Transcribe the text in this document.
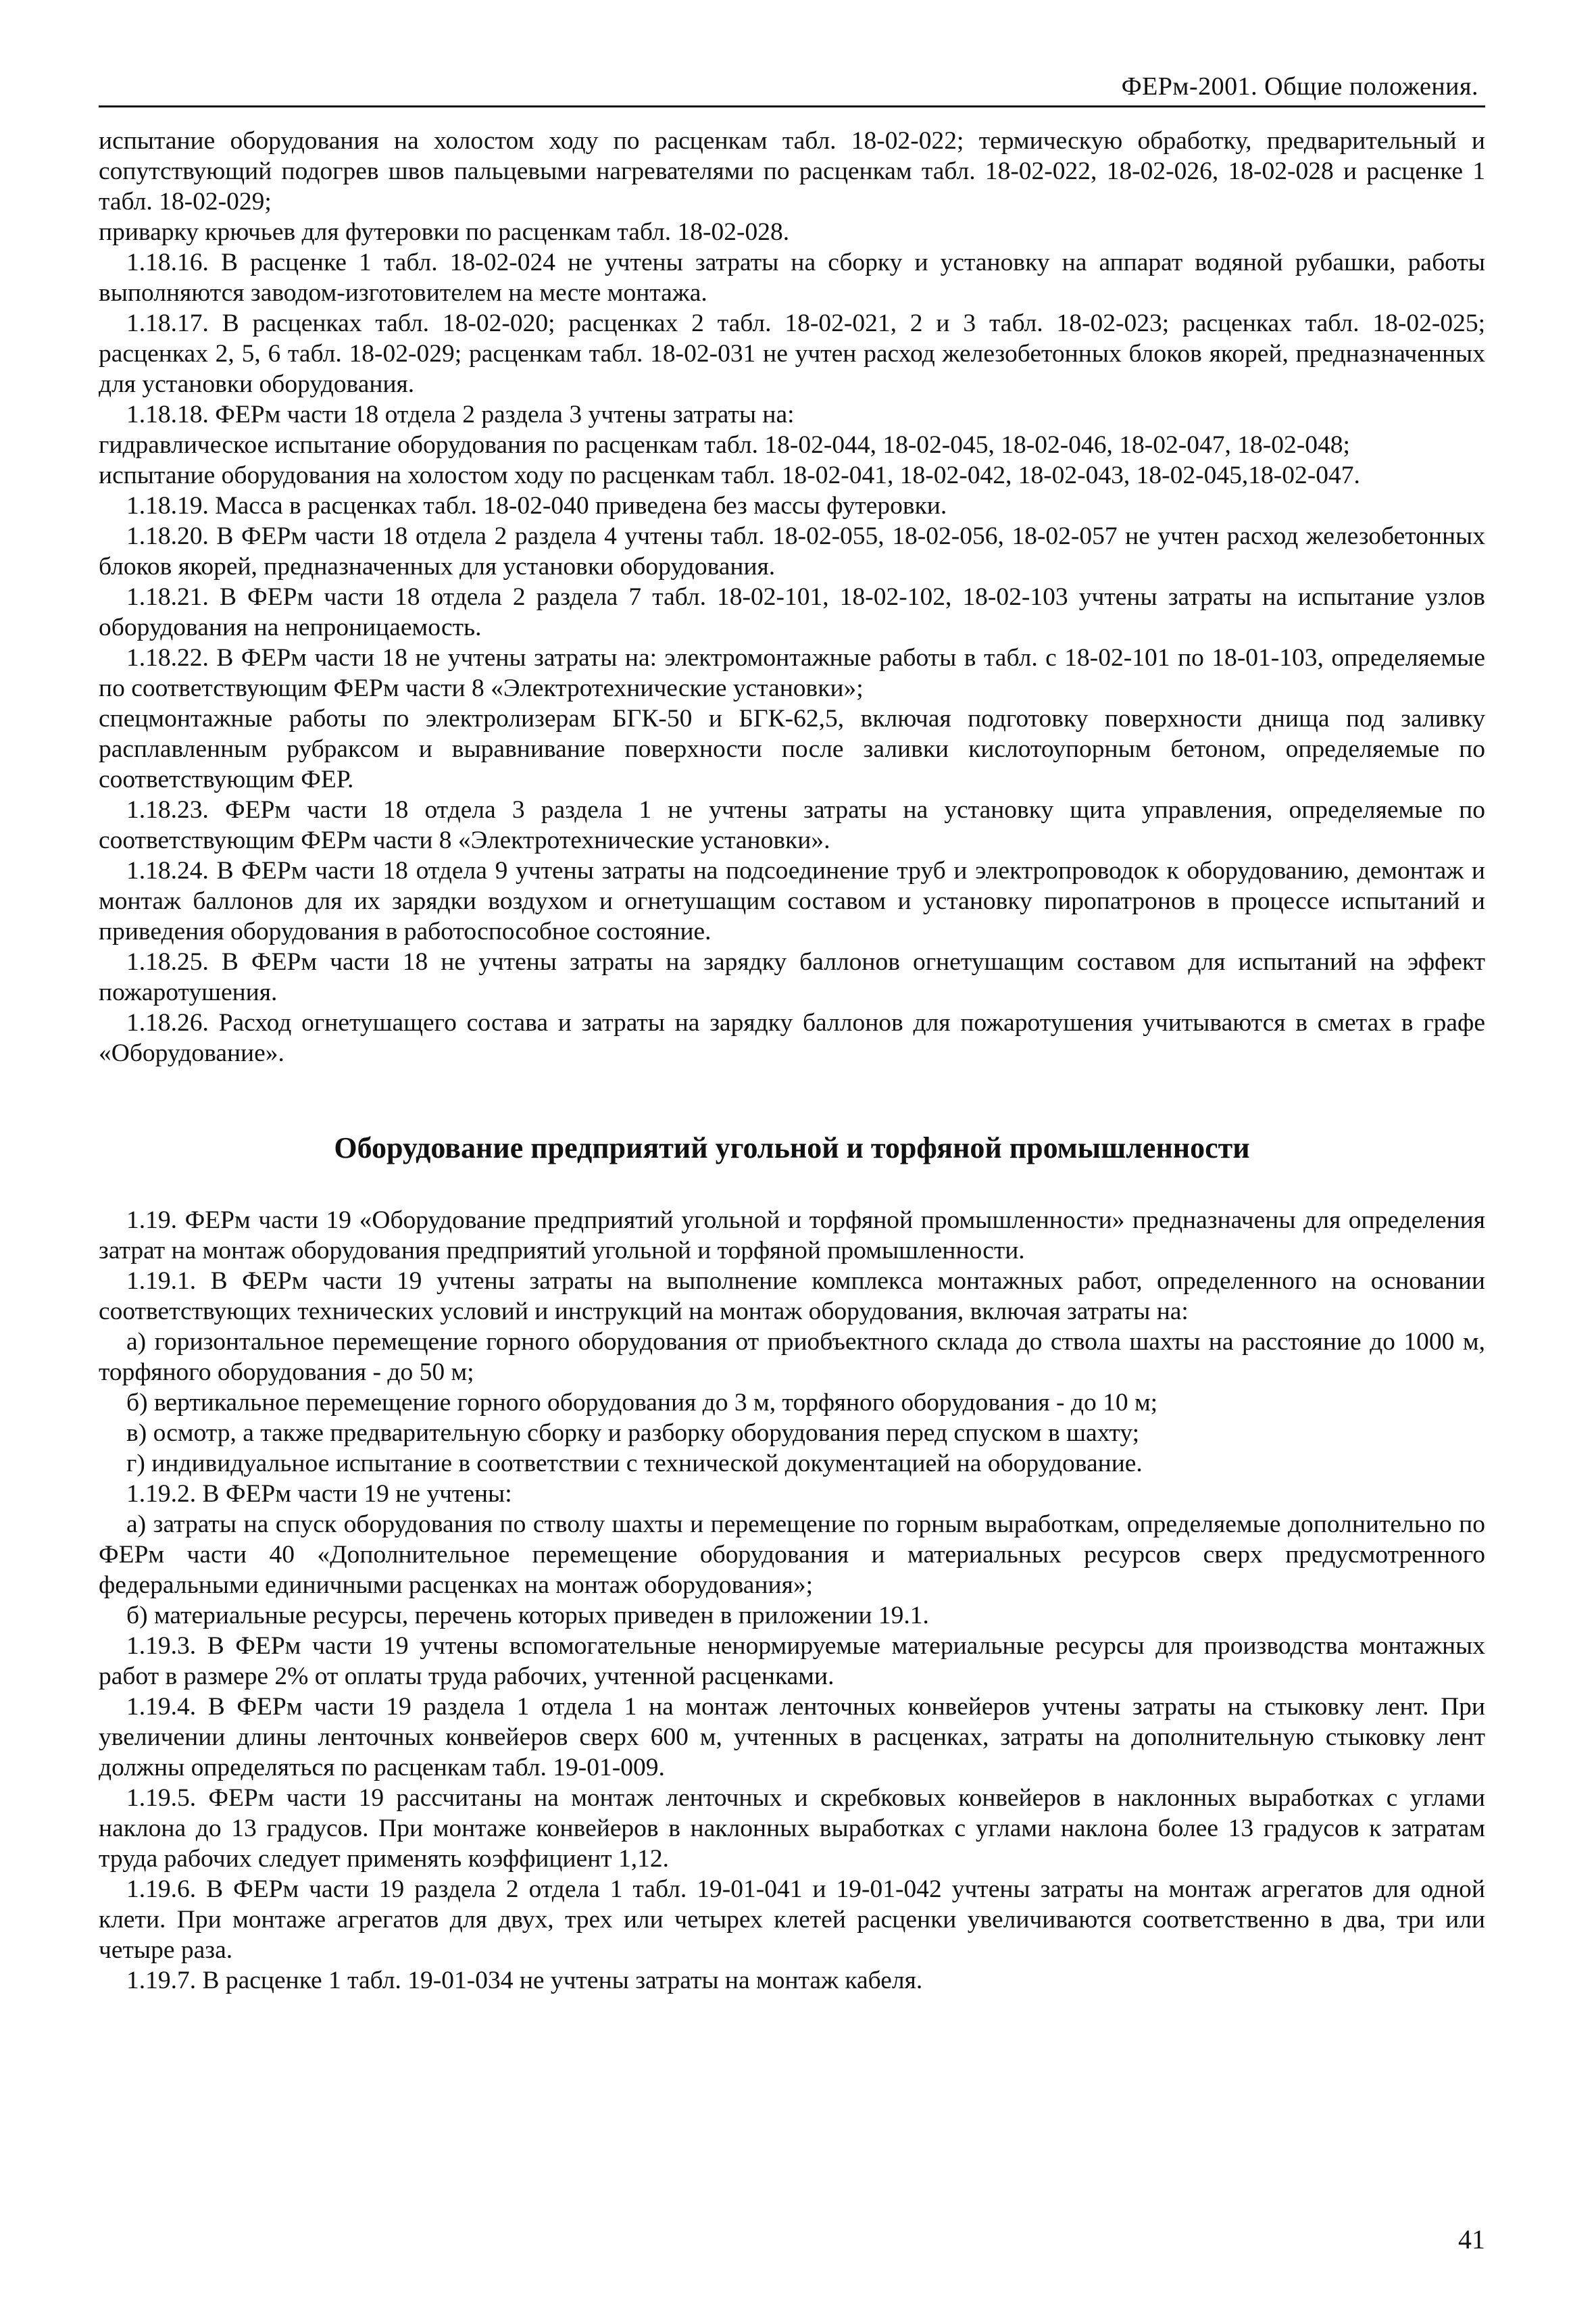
ФЕРм-2001. Общие положения.

испытание оборудования на холостом ходу по расценкам табл. 18-02-022; термическую обработку, предварительный и сопутствующий подогрев швов пальцевыми нагревателями по расценкам табл. 18-02-022, 18-02-026, 18-02-028 и расценке 1 табл. 18-02-029;

приварку крючьев для футеровки по расценкам табл. 18-02-028.

1.18.16. В расценке 1 табл. 18-02-024 не учтены затраты на сборку и установку на аппарат водяной рубашки, работы выполняются заводом-изготовителем на месте монтажа.

1.18.17. В расценках табл. 18-02-020; расценках 2 табл. 18-02-021, 2 и 3 табл. 18-02-023; расценках табл. 18-02-025; расценках 2, 5, 6 табл. 18-02-029; расценкам табл. 18-02-031 не учтен расход железобетонных блоков якорей, предназначенных для установки оборудования.

1.18.18. ФЕРм части 18 отдела 2 раздела 3 учтены затраты на:

гидравлическое испытание оборудования по расценкам табл. 18-02-044, 18-02-045, 18-02-046, 18-02-047, 18-02-048;

испытание оборудования на холостом ходу по расценкам табл. 18-02-041, 18-02-042, 18-02-043, 18-02-045,18-02-047.

1.18.19. Масса в расценках табл. 18-02-040 приведена без массы футеровки.

1.18.20. В ФЕРм части 18 отдела 2 раздела 4 учтены табл. 18-02-055, 18-02-056, 18-02-057 не учтен расход железобетонных блоков якорей, предназначенных для установки оборудования.

1.18.21. В ФЕРм части 18 отдела 2 раздела 7 табл. 18-02-101, 18-02-102, 18-02-103 учтены затраты на испытание узлов оборудования на непроницаемость.

1.18.22. В ФЕРм части 18 не учтены затраты на: электромонтажные работы в табл. с 18-02-101 по 18-01-103, определяемые по соответствующим ФЕРм части 8 «Электротехнические установки»;

спецмонтажные работы по электролизерам БГК-50 и БГК-62,5, включая подготовку поверхности днища под заливку расплавленным рубраксом и выравнивание поверхности после заливки кислотоупорным бетоном, определяемые по соответствующим ФЕР.

1.18.23. ФЕРм части 18 отдела 3 раздела 1 не учтены затраты на установку щита управления, определяемые по соответствующим ФЕРм части 8 «Электротехнические установки».

1.18.24. В ФЕРм части 18 отдела 9 учтены затраты на подсоединение труб и электропроводок к оборудованию, демонтаж и монтаж баллонов для их зарядки воздухом и огнетушащим составом и установку пиропатронов в процессе испытаний и приведения оборудования в работоспособное состояние.

1.18.25. В ФЕРм части 18 не учтены затраты на зарядку баллонов огнетушащим составом для испытаний на эффект пожаротушения.

1.18.26. Расход огнетушащего состава и затраты на зарядку баллонов для пожаротушения учитываются в сметах в графе «Оборудование».

Оборудование предприятий угольной и торфяной промышленности

1.19. ФЕРм части 19 «Оборудование предприятий угольной и торфяной промышленности» предназначены для определения затрат на монтаж оборудования предприятий угольной и торфяной промышленности.

1.19.1. В ФЕРм части 19 учтены затраты на выполнение комплекса монтажных работ, определенного на основании соответствующих технических условий и инструкций на монтаж оборудования, включая затраты на:

а) горизонтальное перемещение горного оборудования от приобъектного склада до ствола шахты на расстояние до 1000 м, торфяного оборудования - до 50 м;

б) вертикальное перемещение горного оборудования до 3 м, торфяного оборудования - до 10 м;

в) осмотр, а также предварительную сборку и разборку оборудования перед спуском в шахту;

г) индивидуальное испытание в соответствии с технической документацией на оборудование.

1.19.2. В ФЕРм части 19 не учтены:

а) затраты на спуск оборудования по стволу шахты и перемещение по горным выработкам, определяемые дополнительно по ФЕРм части 40 «Дополнительное перемещение оборудования и материальных ресурсов сверх предусмотренного федеральными единичными расценках на монтаж оборудования»;

б) материальные ресурсы, перечень которых приведен в приложении 19.1.

1.19.3. В ФЕРм части 19 учтены вспомогательные ненормируемые материальные ресурсы для производства монтажных работ в размере 2% от оплаты труда рабочих, учтенной расценками.

1.19.4. В ФЕРм части 19 раздела 1 отдела 1 на монтаж ленточных конвейеров учтены затраты на стыковку лент. При увеличении длины ленточных конвейеров сверх 600 м, учтенных в расценках, затраты на дополнительную стыковку лент должны определяться по расценкам табл. 19-01-009.

1.19.5. ФЕРм части 19 рассчитаны на монтаж ленточных и скребковых конвейеров в наклонных выработках с углами наклона до 13 градусов. При монтаже конвейеров в наклонных выработках с углами наклона более 13 градусов к затратам труда рабочих следует применять коэффициент 1,12.

1.19.6. В ФЕРм части 19 раздела 2 отдела 1 табл. 19-01-041 и 19-01-042 учтены затраты на монтаж агрегатов для одной клети. При монтаже агрегатов для двух, трех или четырех клетей расценки увеличиваются соответственно в два, три или четыре раза.

1.19.7. В расценке 1 табл. 19-01-034 не учтены затраты на монтаж кабеля.

41
